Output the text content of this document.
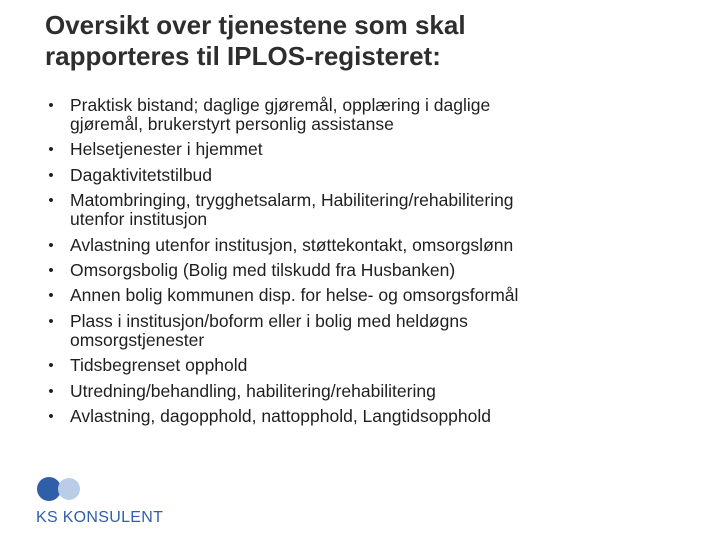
Oversikt over tjenestene som skal
rapporteres til IPLOS-registeret:
• Praktisk bistand; daglige gjøremål, opplæring i daglige
gjøremål, brukerstyrt personlig assistanse
• Helsetjenester i hjemmet
• Dagaktivitetstilbud
• Matombringing, trygghetsalarm, Habilitering/rehabilitering
utenfor institusjon
• Avlastning utenfor institusjon, støttekontakt, omsorgslønn
• Omsorgsbolig (Bolig med tilskudd fra Husbanken)
• Annen bolig kommunen disp. for helse- og omsorgsformål
• Plass i institusjon/boform eller i bolig med heldøgns
omsorgstjenester
• Tidsbegrenset opphold
• Utredning/behandling, habilitering/rehabilitering
• Avlastning, dagopphold, nattopphold, Langtidsopphold
KS KONSULENT
